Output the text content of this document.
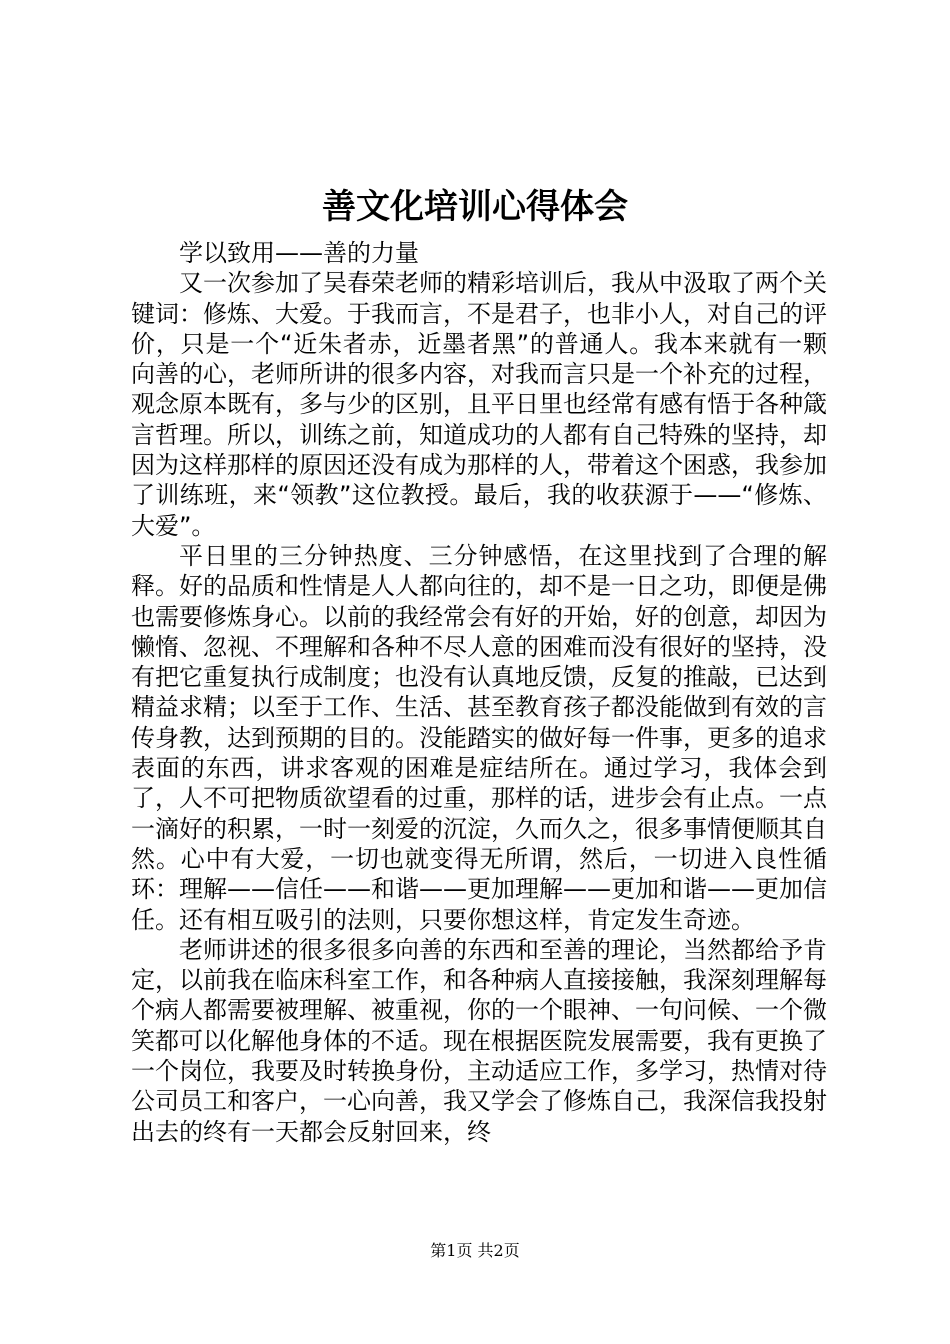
善文化培训心得体会

学以致用——善的力量

又一次参加了吴春荣老师的精彩培训后，我从中汲取了两个关键词：修炼、大爱。于我而言，不是君子，也非小人，对自己的评价，只是一个“近朱者赤，近墨者黑”的普通人。我本来就有一颗向善的心，老师所讲的很多内容，对我而言只是一个补充的过程，观念原本既有，多与少的区别，且平日里也经常有感有悟于各种箴言哲理。所以，训练之前，知道成功的人都有自己特殊的坚持，却因为这样那样的原因还没有成为那样的人，带着这个困惑，我参加了训练班，来“领教”这位教授。最后，我的收获源于——“修炼、大爱”。

平日里的三分钟热度、三分钟感悟，在这里找到了合理的解释。好的品质和性情是人人都向往的，却不是一日之功，即便是佛也需要修炼身心。以前的我经常会有好的开始，好的创意，却因为懒惰、忽视、不理解和各种不尽人意的困难而没有很好的坚持，没有把它重复执行成制度；也没有认真地反馈，反复的推敲，已达到精益求精；以至于工作、生活、甚至教育孩子都没能做到有效的言传身教，达到预期的目的。没能踏实的做好每一件事，更多的追求表面的东西，讲求客观的困难是症结所在。通过学习，我体会到了，人不可把物质欲望看的过重，那样的话，进步会有止点。一点一滴好的积累，一时一刻爱的沉淀，久而久之，很多事情便顺其自然。心中有大爱，一切也就变得无所谓，然后，一切进入良性循环：理解——信任——和谐——更加理解——更加和谐——更加信任。还有相互吸引的法则，只要你想这样，肯定发生奇迹。

老师讲述的很多很多向善的东西和至善的理论，当然都给予肯定，以前我在临床科室工作，和各种病人直接接触，我深刻理解每个病人都需要被理解、被重视，你的一个眼神、一句问候、一个微笑都可以化解他身体的不适。现在根据医院发展需要，我有更换了一个岗位，我要及时转换身份，主动适应工作，多学习，热情对待公司员工和客户，一心向善，我又学会了修炼自己，我深信我投射出去的终有一天都会反射回来，终

第1页 共2页
